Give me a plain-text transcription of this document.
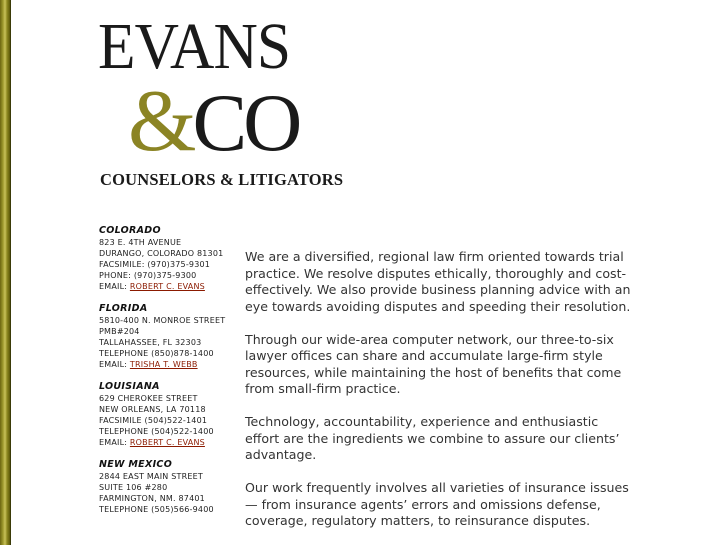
EVANS
&CO
COUNSELORS & LITIGATORS
COLORADO
823 E. 4TH AVENUE
DURANGO, COLORADO 81301
FACSIMILE: (970)375-9301
PHONE: (970)375-9300
EMAIL: ROBERT C. EVANS
FLORIDA
5810-400 N. MONROE STREET
PMB#204
TALLAHASSEE, FL 32303
TELEPHONE (850)878-1400
EMAIL: TRISHA T. WEBB
LOUISIANA
629 CHEROKEE STREET
NEW ORLEANS, LA 70118
FACSIMILE (504)522-1401
TELEPHONE (504)522-1400
EMAIL: ROBERT C. EVANS
NEW MEXICO
2844 EAST MAIN STREET
SUITE 106 #280
FARMINGTON, NM. 87401
TELEPHONE (505)566-9400

We are a diversified, regional law firm oriented towards trial practice. We resolve disputes ethically, thoroughly and cost-effectively. We also provide business planning advice with an eye towards avoiding disputes and speeding their resolution.

Through our wide-area computer network, our three-to-six lawyer offices can share and accumulate large-firm style resources, while maintaining the host of benefits that come from small-firm practice.

Technology, accountability, experience and enthusiastic effort are the ingredients we combine to assure our clients’ advantage.

Our work frequently involves all varieties of insurance issues — from insurance agents’ errors and omissions defense, coverage, regulatory matters, to reinsurance disputes.
